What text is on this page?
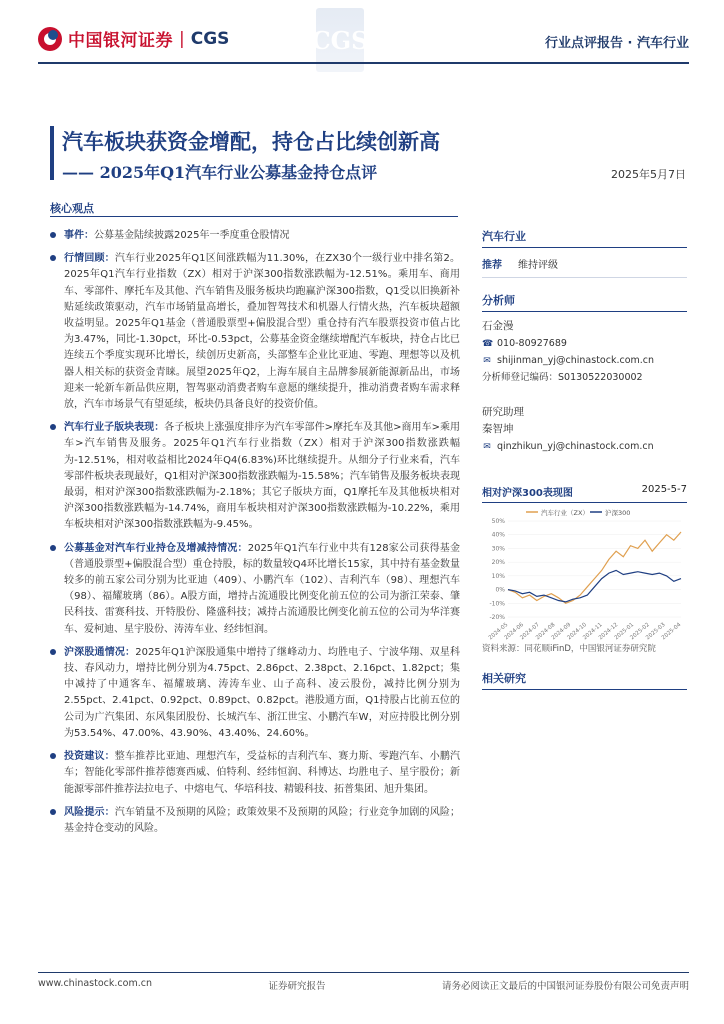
中国银河证券 | CGS	CGS	行业点评报告 · 汽车行业
汽车板块获资金增配，持仓占比续创新高
—— 2025年Q1汽车行业公募基金持仓点评	2025年5月7日
核心观点
事件：公募基金陆续披露2025年一季度重仓股情况
行情回顾：汽车行业2025年Q1区间涨跌幅为11.30%，在ZX30个一级行业中排名第2。2025年Q1汽车行业指数（ZX）相对于沪深300指数涨跌幅为-12.51%。乘用车、商用车、零部件、摩托车及其他、汽车销售及服务板块均跑赢沪深300指数，Q1受以旧换新补贴延续政策驱动，汽车市场销量高增长，叠加智驾技术和机器人行情火热，汽车板块超额收益明显。2025年Q1基金（普通股票型+偏股混合型）重仓持有汽车股票投资市值占比为3.47%，同比-1.30pct，环比-0.53pct，公募基金资金继续增配汽车板块，持仓占比已连续五个季度实现环比增长，续创历史新高，头部整车企业比亚迪、零跑、理想等以及机器人相关标的获资金青睐。展望2025年Q2，上海车展自主品牌参展新能源新品出，市场迎来一轮新车新品供应期，智驾驱动消费者购车意愿的继续提升，推动消费者购车需求释放，汽车市场景气有望延续，板块仍具备良好的投资价值。
汽车行业子版块表现：各子板块上涨强度排序为汽车零部件>摩托车及其他>商用车>乘用车>汽车销售及服务。2025年Q1汽车行业指数（ZX）相对于沪深300指数涨跌幅为-12.51%，相对收益相比2024年Q4(6.83%)环比继续提升。从细分子行业来看，汽车零部件板块表现最好，Q1相对沪深300指数涨跌幅为-15.58%；汽车销售及服务板块表现最弱，相对沪深300指数涨跌幅为-2.18%；其它子版块方面，Q1摩托车及其他板块相对沪深300指数涨跌幅为-14.74%，商用车板块相对沪深300指数涨跌幅为-10.22%，乘用车板块相对沪深300指数涨跌幅为-9.45%。
公募基金对汽车行业持仓及增减持情况：2025年Q1汽车行业中共有128家公司获得基金（普通股票型+偏股混合型）重仓持股，标的数量较Q4环比增长15家，其中持有基金数量较多的前五家公司分别为比亚迪（409）、小鹏汽车（102）、吉利汽车（98）、理想汽车（98）、福耀玻璃（86）。A股方面，增持占流通股比例变化前五位的公司为浙江荣泰、肇民科技、雷赛科技、开特股份、隆盛科技；减持占流通股比例变化前五位的公司为华洋赛车、爱柯迪、星宇股份、涛涛车业、经纬恒润。
沪深股通情况：2025年Q1沪深股通集中增持了继峰动力、均胜电子、宁波华翔、双星科技、春风动力，增持比例分别为4.75pct、2.86pct、2.38pct、2.16pct、1.82pct；集中减持了中通客车、福耀玻璃、涛涛车业、山子高科、凌云股份，减持比例分别为2.55pct、2.41pct、0.92pct、0.89pct、0.82pct。港股通方面，Q1持股占比前五位的公司为广汽集团、东风集团股份、长城汽车、浙江世宝、小鹏汽车W，对应持股比例分别为53.54%、47.00%、43.90%、43.40%、24.60%。
投资建议：整车推荐比亚迪、理想汽车，受益标的吉利汽车、赛力斯、零跑汽车、小鹏汽车；智能化零部件推荐德赛西威、伯特利、经纬恒润、科博达、均胜电子、星宇股份；新能源零部件推荐法拉电子、中熔电气、华培科技、精锻科技、拓普集团、旭升集团。
风险提示：汽车销量不及预期的风险；政策效果不及预期的风险；行业竞争加剧的风险；基金持仓变动的风险。
汽车行业
推荐 维持评级
分析师
石金漫
☎ 010-80927689
✉ shijinman_yj@chinastock.com.cn
分析师登记编码：S0130522030002
研究助理
秦智坤
✉ qinzhikun_yj@chinastock.com.cn
相对沪深300表现图	2025-5-7
汽车行业（ZX） 沪深300
50%
40%
30%
20%
10%
0%
-10%
-20%
2024-05
2024-06
2024-07
2024-08
2024-09
2024-10
2024-11
2024-12
2025-01
2025-02
2025-03
2025-04
资料来源：同花顺iFinD，中国银河证券研究院
相关研究
www.chinastock.com.cn	证券研究报告	请务必阅读正文最后的中国银河证券股份有限公司免责声明
